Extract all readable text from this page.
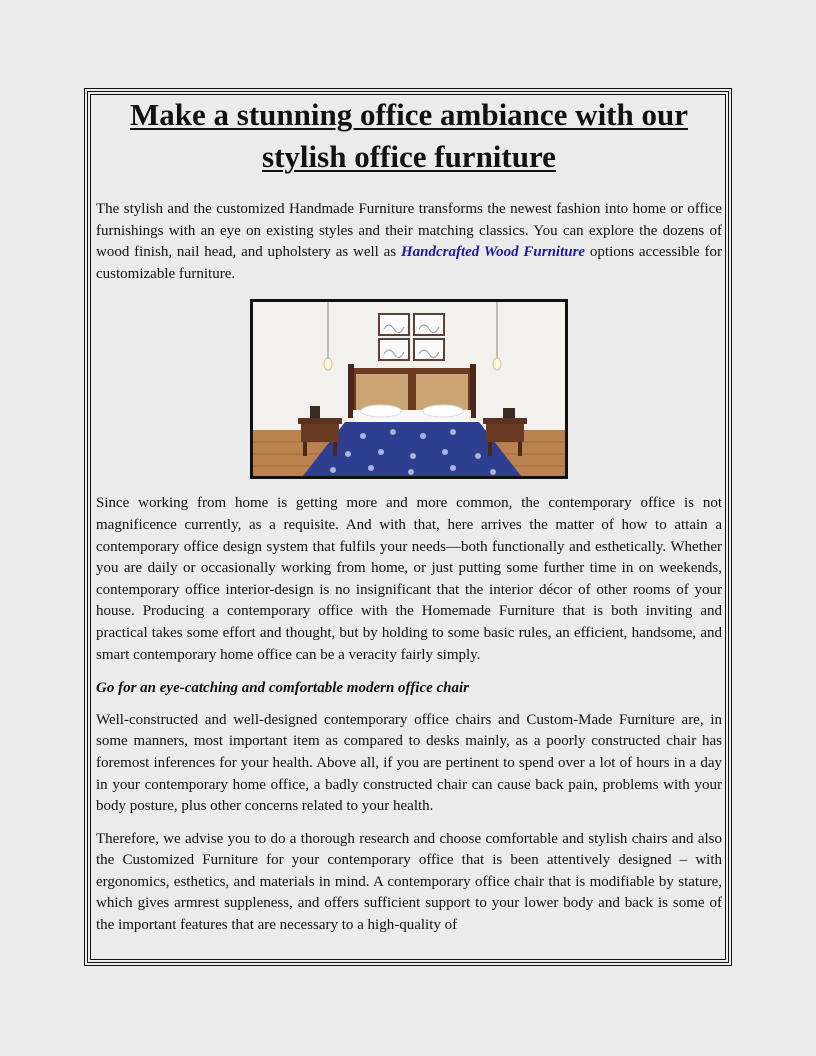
Make a stunning office ambiance with our stylish office furniture

The stylish and the customized Handmade Furniture transforms the newest fashion into home or office furnishings with an eye on existing styles and their matching classics. You can explore the dozens of wood finish, nail head, and upholstery as well as Handcrafted Wood Furniture options accessible for customizable furniture.

Since working from home is getting more and more common, the contemporary office is not magnificence currently, as a requisite. And with that, here arrives the matter of how to attain a contemporary office design system that fulfils your needs—both functionally and esthetically. Whether you are daily or occasionally working from home, or just putting some further time in on weekends, contemporary office interior-design is no insignificant that the interior décor of other rooms of your house. Producing a contemporary office with the Homemade Furniture that is both inviting and practical takes some effort and thought, but by holding to some basic rules, an efficient, handsome, and smart contemporary home office can be a veracity fairly simply.

Go for an eye-catching and comfortable modern office chair

Well-constructed and well-designed contemporary office chairs and Custom-Made Furniture are, in some manners, most important item as compared to desks mainly, as a poorly constructed chair has foremost inferences for your health. Above all, if you are pertinent to spend over a lot of hours in a day in your contemporary home office, a badly constructed chair can cause back pain, problems with your body posture, plus other concerns related to your health.

Therefore, we advise you to do a thorough research and choose comfortable and stylish chairs and also the Customized Furniture for your contemporary office that is been attentively designed – with ergonomics, esthetics, and materials in mind. A contemporary office chair that is modifiable by stature, which gives armrest suppleness, and offers sufficient support to your lower body and back is some of the important features that are necessary to a high-quality of
